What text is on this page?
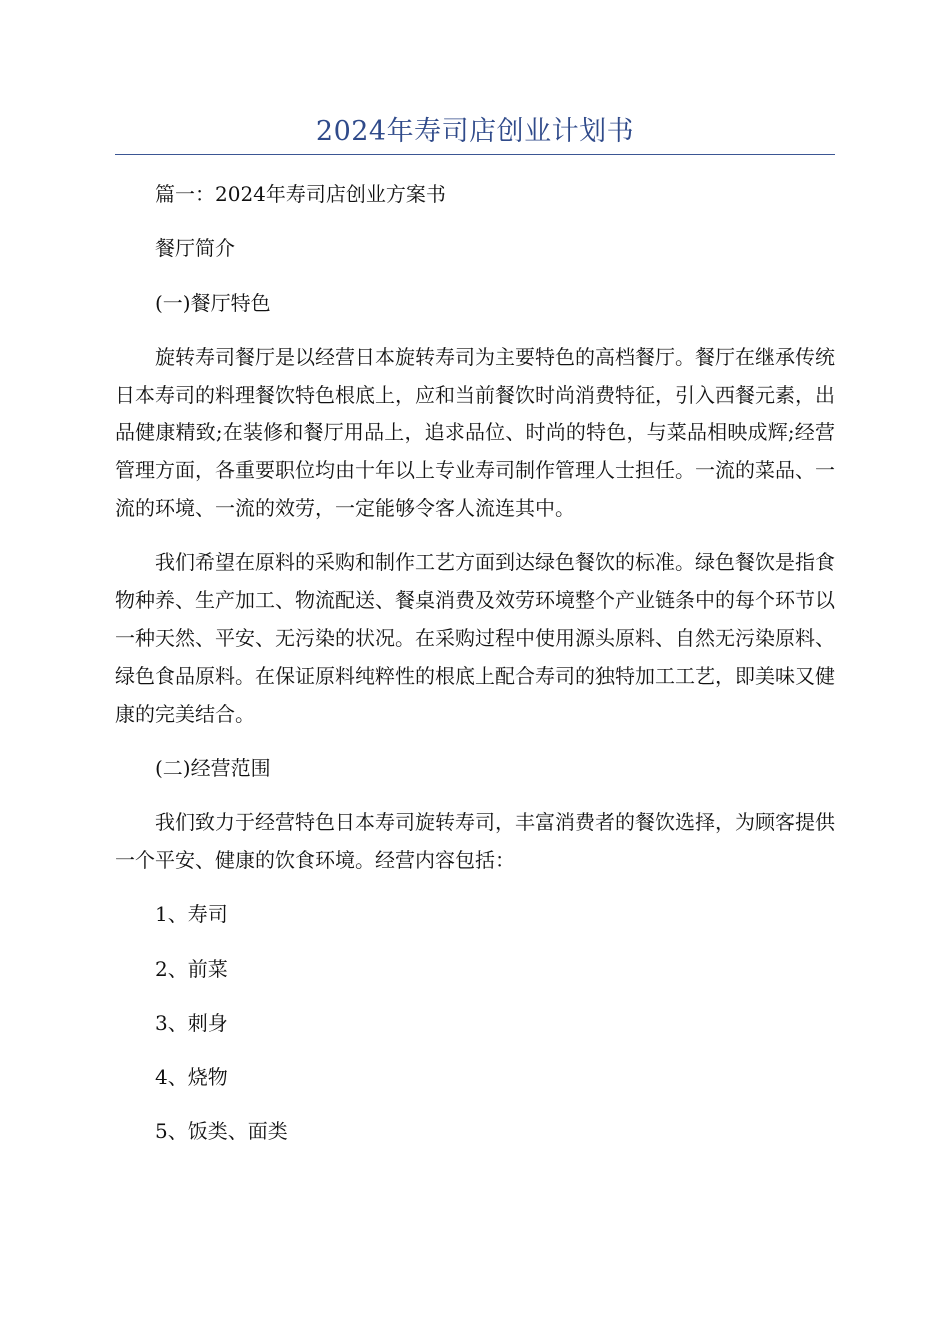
2024年寿司店创业计划书

篇一：2024年寿司店创业方案书

餐厅简介

(一)餐厅特色

旋转寿司餐厅是以经营日本旋转寿司为主要特色的高档餐厅。餐厅在继承传统日本寿司的料理餐饮特色根底上，应和当前餐饮时尚消费特征，引入西餐元素，出品健康精致;在装修和餐厅用品上，追求品位、时尚的特色，与菜品相映成辉;经营管理方面，各重要职位均由十年以上专业寿司制作管理人士担任。一流的菜品、一流的环境、一流的效劳，一定能够令客人流连其中。

我们希望在原料的采购和制作工艺方面到达绿色餐饮的标准。绿色餐饮是指食物种养、生产加工、物流配送、餐桌消费及效劳环境整个产业链条中的每个环节以一种天然、平安、无污染的状况。在采购过程中使用源头原料、自然无污染原料、绿色食品原料。在保证原料纯粹性的根底上配合寿司的独特加工工艺，即美味又健康的完美结合。

(二)经营范围

我们致力于经营特色日本寿司旋转寿司，丰富消费者的餐饮选择，为顾客提供一个平安、健康的饮食环境。经营内容包括：

1、寿司

2、前菜

3、刺身

4、烧物

5、饭类、面类
